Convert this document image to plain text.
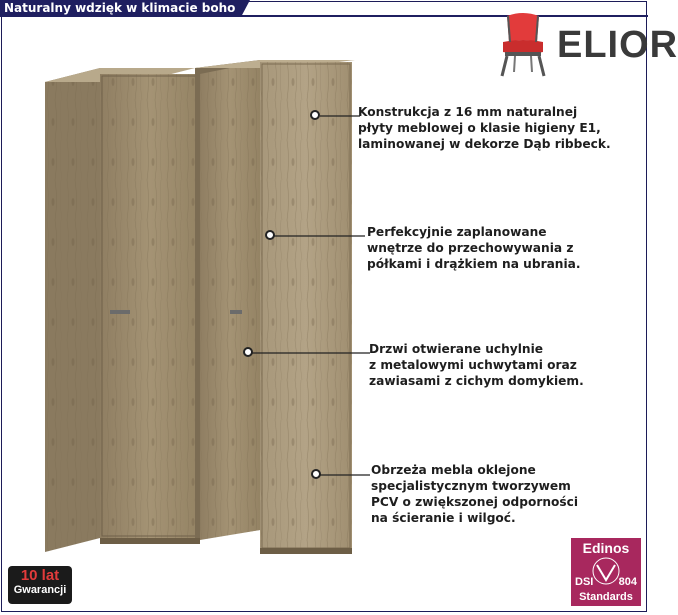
Naturalny wdzięk w klimacie boho
ELIOR
Konstrukcja z 16 mm naturalnej
płyty meblowej o klasie higieny E1,
laminowanej w dekorze Dąb ribbeck.
Perfekcyjnie zaplanowane
wnętrze do przechowywania z
półkami i drążkiem na ubrania.
Drzwi otwierane uchylnie
z metalowymi uchwytami oraz
zawiasami z cichym domykiem.
Obrzeża mebla oklejone
specjalistycznym tworzywem
PCV o zwiększonej odporności
na ścieranie i wilgoć.
10 lat
Gwarancji
Edinos
DSI 804
Standards
